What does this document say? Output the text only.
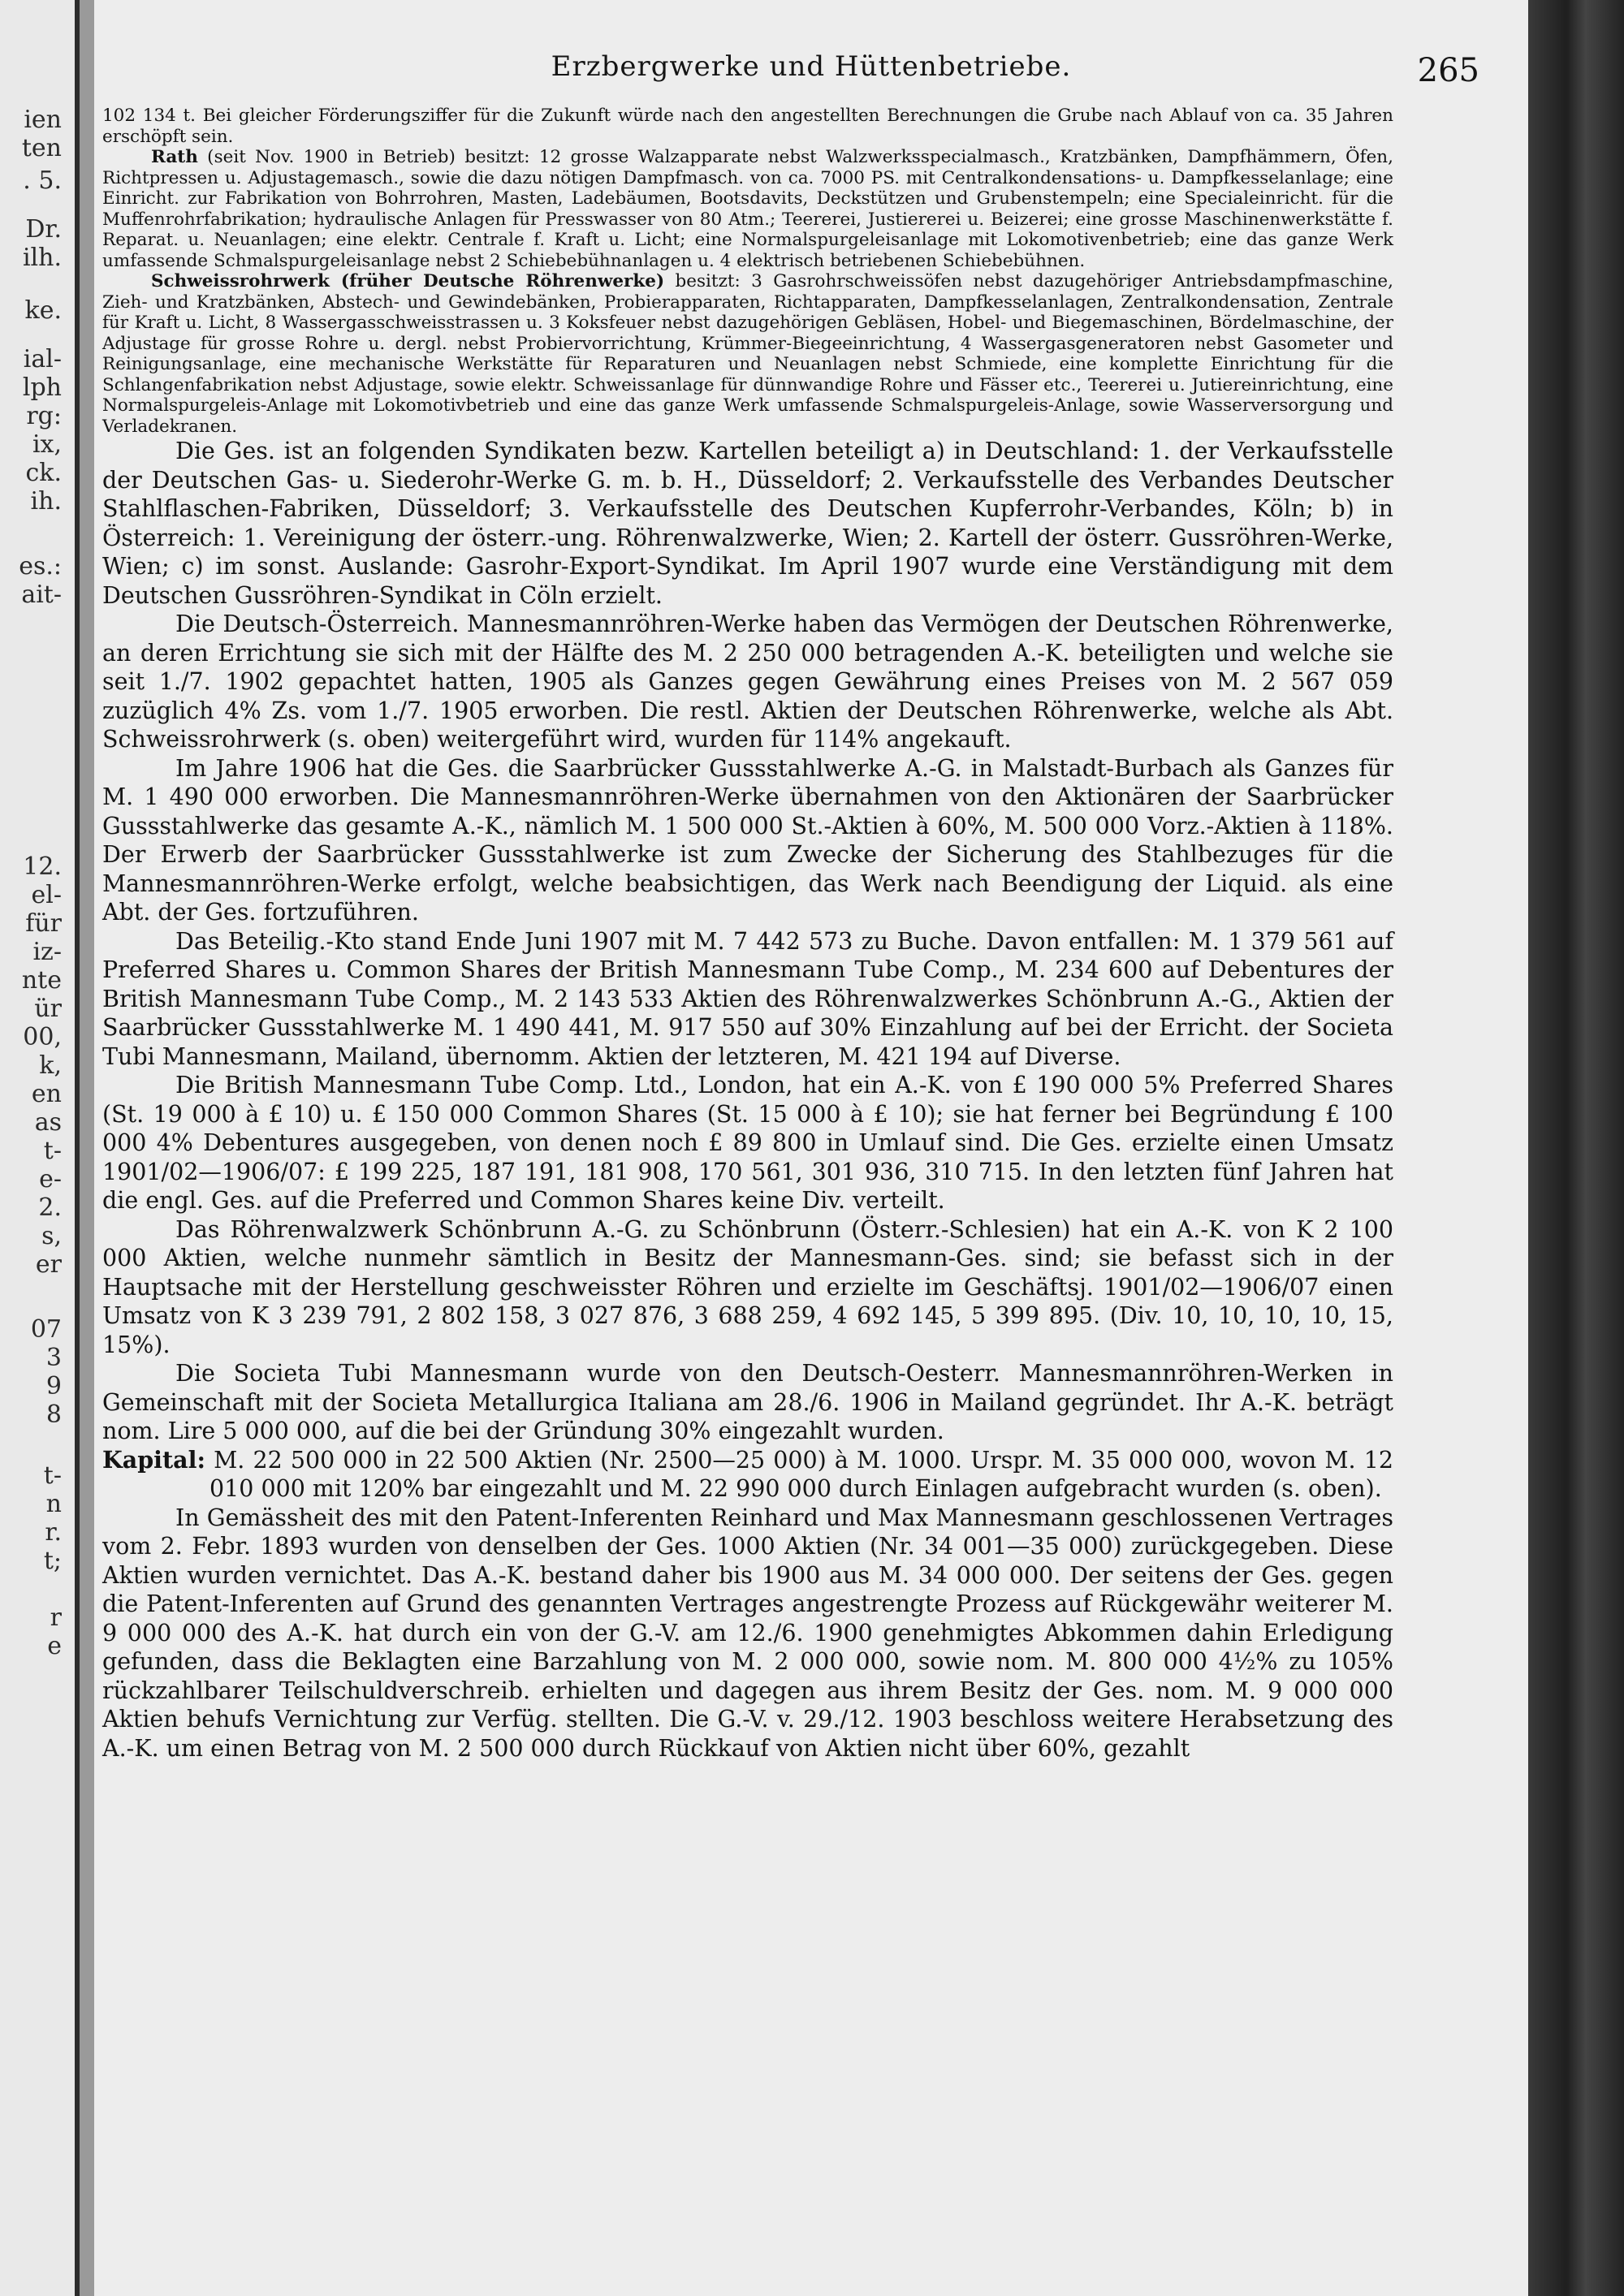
ien
ten
. 5.
Dr.
ilh.
ke.
ial-
lph
rg:
ix,
ck.
ih.
es.:
ait-
12.
el-
für
iz-
nte
ür
00,
k,
en
as
t-
e-
2.
s,
er
07
3
9
8
t-
n
r.
t;
r
e
Erzbergwerke und Hüttenbetriebe.	265

102 134 t. Bei gleicher Förderungsziffer für die Zukunft würde nach den angestellten Berechnungen die Grube nach Ablauf von ca. 35 Jahren erschöpft sein.

Rath (seit Nov. 1900 in Betrieb) besitzt: 12 grosse Walzapparate nebst Walzwerksspecialmasch., Kratzbänken, Dampfhämmern, Öfen, Richtpressen u. Adjustagemasch., sowie die dazu nötigen Dampfmasch. von ca. 7000 PS. mit Centralkondensations- u. Dampfkesselanlage; eine Einricht. zur Fabrikation von Bohrrohren, Masten, Ladebäumen, Bootsdavits, Deckstützen und Grubenstempeln; eine Specialeinricht. für die Muffenrohrfabrikation; hydraulische Anlagen für Presswasser von 80 Atm.; Teererei, Justiererei u. Beizerei; eine grosse Maschinenwerkstätte f. Reparat. u. Neuanlagen; eine elektr. Centrale f. Kraft u. Licht; eine Normalspurgeleisanlage mit Lokomotivenbetrieb; eine das ganze Werk umfassende Schmalspurgeleisanlage nebst 2 Schiebebühnanlagen u. 4 elektrisch betriebenen Schiebebühnen.

Schweissrohrwerk (früher Deutsche Röhrenwerke) besitzt: 3 Gasrohrschweissöfen nebst dazugehöriger Antriebsdampfmaschine, Zieh- und Kratzbänken, Abstech- und Gewindebänken, Probierapparaten, Richtapparaten, Dampfkesselanlagen, Zentralkondensation, Zentrale für Kraft u. Licht, 8 Wassergasschweisstrassen u. 3 Koksfeuer nebst dazugehörigen Gebläsen, Hobel- und Biegemaschinen, Bördelmaschine, der Adjustage für grosse Rohre u. dergl. nebst Probiervorrichtung, Krümmer-Biegeeinrichtung, 4 Wassergasgeneratoren nebst Gasometer und Reinigungsanlage, eine mechanische Werkstätte für Reparaturen und Neuanlagen nebst Schmiede, eine komplette Einrichtung für die Schlangenfabrikation nebst Adjustage, sowie elektr. Schweissanlage für dünnwandige Rohre und Fässer etc., Teererei u. Jutiereinrichtung, eine Normalspurgeleis-Anlage mit Lokomotivbetrieb und eine das ganze Werk umfassende Schmalspurgeleis-Anlage, sowie Wasserversorgung und Verladekranen.

Die Ges. ist an folgenden Syndikaten bezw. Kartellen beteiligt a) in Deutschland: 1. der Verkaufsstelle der Deutschen Gas- u. Siederohr-Werke G. m. b. H., Düsseldorf; 2. Verkaufsstelle des Verbandes Deutscher Stahlflaschen-Fabriken, Düsseldorf; 3. Verkaufsstelle des Deutschen Kupferrohr-Verbandes, Köln; b) in Österreich: 1. Vereinigung der österr.-ung. Röhrenwalzwerke, Wien; 2. Kartell der österr. Gussröhren-Werke, Wien; c) im sonst. Auslande: Gasrohr-Export-Syndikat. Im April 1907 wurde eine Verständigung mit dem Deutschen Gussröhren-Syndikat in Cöln erzielt.

Die Deutsch-Österreich. Mannesmannröhren-Werke haben das Vermögen der Deutschen Röhrenwerke, an deren Errichtung sie sich mit der Hälfte des M. 2 250 000 betragenden A.-K. beteiligten und welche sie seit 1./7. 1902 gepachtet hatten, 1905 als Ganzes gegen Gewährung eines Preises von M. 2 567 059 zuzüglich 4% Zs. vom 1./7. 1905 erworben. Die restl. Aktien der Deutschen Röhrenwerke, welche als Abt. Schweissrohrwerk (s. oben) weitergeführt wird, wurden für 114% angekauft.

Im Jahre 1906 hat die Ges. die Saarbrücker Gussstahlwerke A.-G. in Malstadt-Burbach als Ganzes für M. 1 490 000 erworben. Die Mannesmannröhren-Werke übernahmen von den Aktionären der Saarbrücker Gussstahlwerke das gesamte A.-K., nämlich M. 1 500 000 St.-Aktien à 60%, M. 500 000 Vorz.-Aktien à 118%. Der Erwerb der Saarbrücker Gussstahlwerke ist zum Zwecke der Sicherung des Stahlbezuges für die Mannesmannröhren-Werke erfolgt, welche beabsichtigen, das Werk nach Beendigung der Liquid. als eine Abt. der Ges. fortzuführen.

Das Beteilig.-Kto stand Ende Juni 1907 mit M. 7 442 573 zu Buche. Davon entfallen: M. 1 379 561 auf Preferred Shares u. Common Shares der British Mannesmann Tube Comp., M. 234 600 auf Debentures der British Mannesmann Tube Comp., M. 2 143 533 Aktien des Röhrenwalzwerkes Schönbrunn A.-G., Aktien der Saarbrücker Gussstahlwerke M. 1 490 441, M. 917 550 auf 30% Einzahlung auf bei der Erricht. der Societa Tubi Mannesmann, Mailand, übernomm. Aktien der letzteren, M. 421 194 auf Diverse.

Die British Mannesmann Tube Comp. Ltd., London, hat ein A.-K. von £ 190 000 5% Preferred Shares (St. 19 000 à £ 10) u. £ 150 000 Common Shares (St. 15 000 à £ 10); sie hat ferner bei Begründung £ 100 000 4% Debentures ausgegeben, von denen noch £ 89 800 in Umlauf sind. Die Ges. erzielte einen Umsatz 1901/02—1906/07: £ 199 225, 187 191, 181 908, 170 561, 301 936, 310 715. In den letzten fünf Jahren hat die engl. Ges. auf die Preferred und Common Shares keine Div. verteilt.

Das Röhrenwalzwerk Schönbrunn A.-G. zu Schönbrunn (Österr.-Schlesien) hat ein A.-K. von K 2 100 000 Aktien, welche nunmehr sämtlich in Besitz der Mannesmann-Ges. sind; sie befasst sich in der Hauptsache mit der Herstellung geschweisster Röhren und erzielte im Geschäftsj. 1901/02—1906/07 einen Umsatz von K 3 239 791, 2 802 158, 3 027 876, 3 688 259, 4 692 145, 5 399 895. (Div. 10, 10, 10, 10, 15, 15%).

Die Societa Tubi Mannesmann wurde von den Deutsch-Oesterr. Mannesmannröhren-Werken in Gemeinschaft mit der Societa Metallurgica Italiana am 28./6. 1906 in Mailand gegründet. Ihr A.-K. beträgt nom. Lire 5 000 000, auf die bei der Gründung 30% eingezahlt wurden.

Kapital: M. 22 500 000 in 22 500 Aktien (Nr. 2500—25 000) à M. 1000. Urspr. M. 35 000 000, wovon M. 12 010 000 mit 120% bar eingezahlt und M. 22 990 000 durch Einlagen aufgebracht wurden (s. oben).

In Gemässheit des mit den Patent-Inferenten Reinhard und Max Mannesmann geschlossenen Vertrages vom 2. Febr. 1893 wurden von denselben der Ges. 1000 Aktien (Nr. 34 001—35 000) zurückgegeben. Diese Aktien wurden vernichtet. Das A.-K. bestand daher bis 1900 aus M. 34 000 000. Der seitens der Ges. gegen die Patent-Inferenten auf Grund des genannten Vertrages angestrengte Prozess auf Rückgewähr weiterer M. 9 000 000 des A.-K. hat durch ein von der G.-V. am 12./6. 1900 genehmigtes Abkommen dahin Erledigung gefunden, dass die Beklagten eine Barzahlung von M. 2 000 000, sowie nom. M. 800 000 4½% zu 105% rückzahlbarer Teilschuldverschreib. erhielten und dagegen aus ihrem Besitz der Ges. nom. M. 9 000 000 Aktien behufs Vernichtung zur Verfüg. stellten. Die G.-V. v. 29./12. 1903 beschloss weitere Herabsetzung des A.-K. um einen Betrag von M. 2 500 000 durch Rückkauf von Aktien nicht über 60%, gezahlt
